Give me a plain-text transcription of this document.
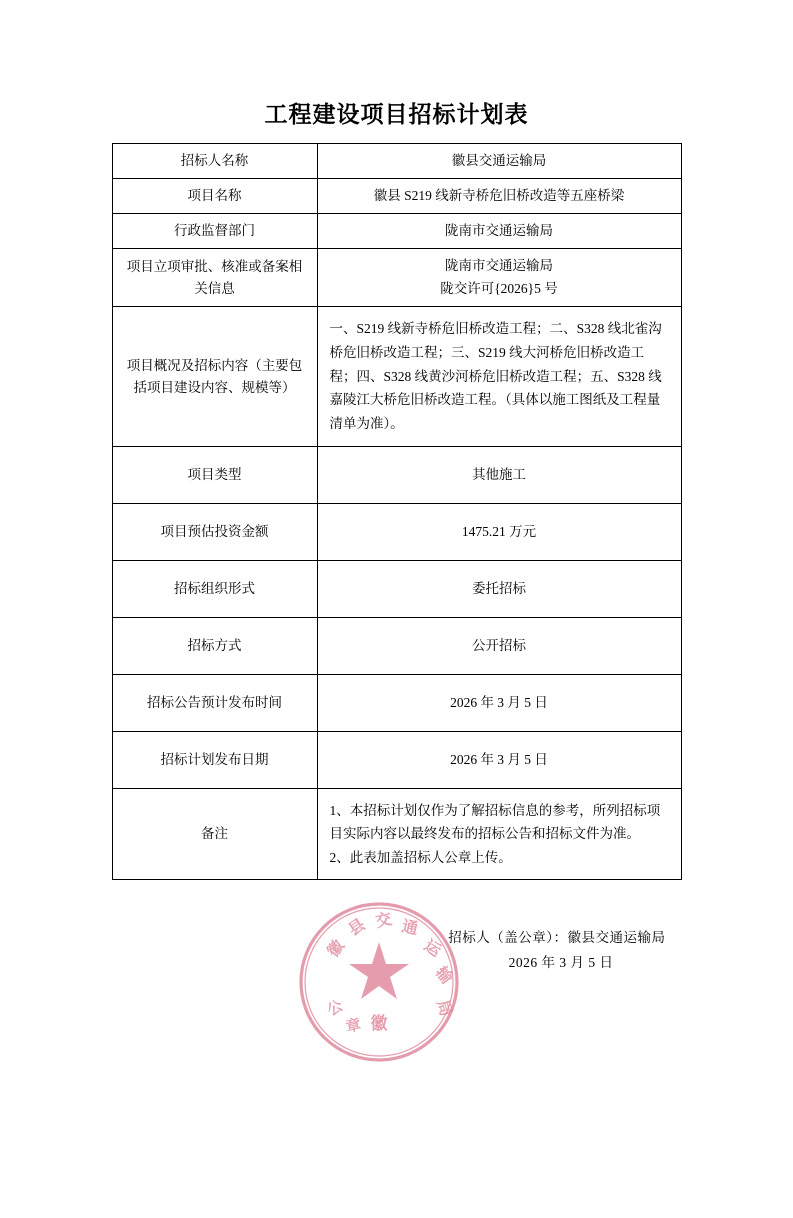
工程建设项目招标计划表
招标人名称	徽县交通运输局
项目名称	徽县 S219 线新寺桥危旧桥改造等五座桥梁
行政监督部门	陇南市交通运输局
项目立项审批、核准或备案相关信息	陇南市交通运输局
陇交许可{2026}5 号
项目概况及招标内容（主要包括项目建设内容、规模等）	一、S219 线新寺桥危旧桥改造工程；二、S328 线北雀沟桥危旧桥改造工程；三、S219 线大河桥危旧桥改造工程；四、S328 线黄沙河桥危旧桥改造工程；五、S328 线嘉陵江大桥危旧桥改造工程。（具体以施工图纸及工程量清单为准）。
项目类型	其他施工
项目预估投资金额	1475.21 万元
招标组织形式	委托招标
招标方式	公开招标
招标公告预计发布时间	2026 年 3 月 5 日
招标计划发布日期	2026 年 3 月 5 日
备注	1、本招标计划仅作为了解招标信息的参考，所列招标项目实际内容以最终发布的招标公告和招标文件为准。
2、此表加盖招标人公章上传。
招标人（盖公章）：徽县交通运输局
2026 年 3 月 5 日
徽
徽
县 交 通
运
输
局
公
章
